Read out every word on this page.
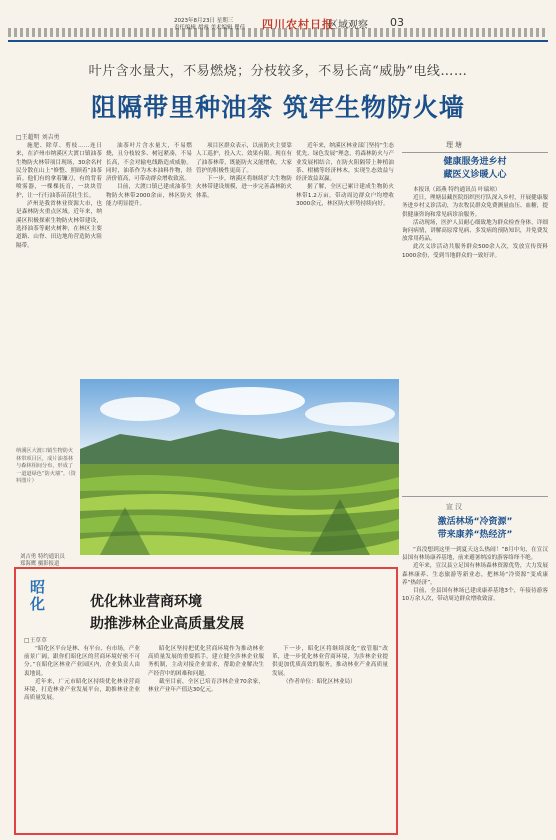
2023年8月23日 星期三
责任编辑 胡睿 美术编辑 瞿佳 四川农村日报
区域观察 03
叶片含水量大，不易燃烧；分枝较多，不易长高“威胁”电线……
阻隔带里种油茶 筑牢生物防火墙
□王超明 刘吉勇

施肥、除草、剪枝……连日来，在泸州市纳溪区大渡口镇油茶生物防火林带项目现场，30余名村民分散在山上“修整、照顾着”油茶苗。他们有的拿着镰刀，有的背着喷雾器，一棵棵抚育，一块块管护，让一行行油茶苗茁壮生长。

泸州是我省林业资源大市，也是森林防火重点区域。近年来，纳溪区积极探索生物防火林带建设，选择油茶等耐火树种，在林区主要道路、山脊、田边地角营造防火阻隔带。

油茶叶片含水量大，不易燃烧，且分枝较多、树冠紧凑，不易长高，不会对输电线路造成威胁。同时，油茶作为木本油料作物，经济价值高，可带动群众增收致富。

目前，大渡口镇已建成油茶生物防火林带2000余亩，林区防火能力明显提升。

项目区群众表示，以前防火主要靠人工巡护，投入大、效果有限。现在有了油茶林带，既能防火又能增收，大家管护的积极性更高了。

下一步，纳溪区将继续扩大生物防火林带建设规模，进一步完善森林防火体系。

近年来，纳溪区林业部门坚持“生态优先、绿色发展”理念，将森林防火与产业发展相结合，在防火阻隔带上种植油茶、柑橘等经济林木，实现生态效益与经济效益双赢。

据了解，全区已累计建成生物防火林带1.2万亩，带动周边群众户均增收3000余元，林区防火形势持续向好。

纳溪区大渡口镇生物防火林带项目区，成片油茶林与森林相间分布，形成了一道道绿色“防火墙”。（资料图片）
刘吉勇 特约通讯员
郑海鹰 摄影报道
理塘
健康服务进乡村
藏医义诊暖人心

本报讯（邱燕 特约通讯员 叶瑞琼）

近日，理塘县藏医院组织医疗队深入乡村，开展健康服务进乡村义诊活动，为农牧民群众免费测量血压、血糖，提供健康咨询和常见病诊治服务。

活动现场，医护人员耐心细致地为群众检查身体，详细询问病情，讲解高原常见病、多发病的预防知识，并免费发放常用药品。

此次义诊活动共服务群众500余人次，发放宣传资料1000余份，受到当地群众的一致好评。

宣汉
激活林场“冷资源”
带来康养“热经济”

“真没想到这里一到夏天这么热闹！”8月中旬，在宣汉县国有林场康养基地，前来避暑纳凉的游客络绎不绝。

近年来，宣汉县立足国有林场森林资源优势，大力发展森林康养、生态旅游等新业态，把林场“冷资源”变成康养“热经济”。

目前，全县国有林场已建成康养基地3个，年接待游客10万余人次，带动周边群众增收致富。

昭化	优化林业营商环境
助推涉林企业高质量发展
□王草草

“昭化区平台是林、有平台、有市场，产业前景广阔，跟你们昭化区的营商环境好密不可分。”在昭化区林业产业园区内，企业负责人由衷地说。

近年来，广元市昭化区持续优化林业营商环境，打造林业产业发展平台，助推林业企业高质量发展。

昭化区坚持把优化营商环境作为推动林业高质量发展的重要抓手，建立健全涉林企业服务机制，主动对接企业需求，帮助企业解决生产经营中的困难和问题。

截至目前，全区已培育涉林企业70余家，林业产业年产值达30亿元。

下一步，昭化区将继续深化“放管服”改革，进一步优化林业营商环境，为涉林企业提供更加优质高效的服务，推动林业产业高质量发展。

（作者单位：昭化区林业局）
